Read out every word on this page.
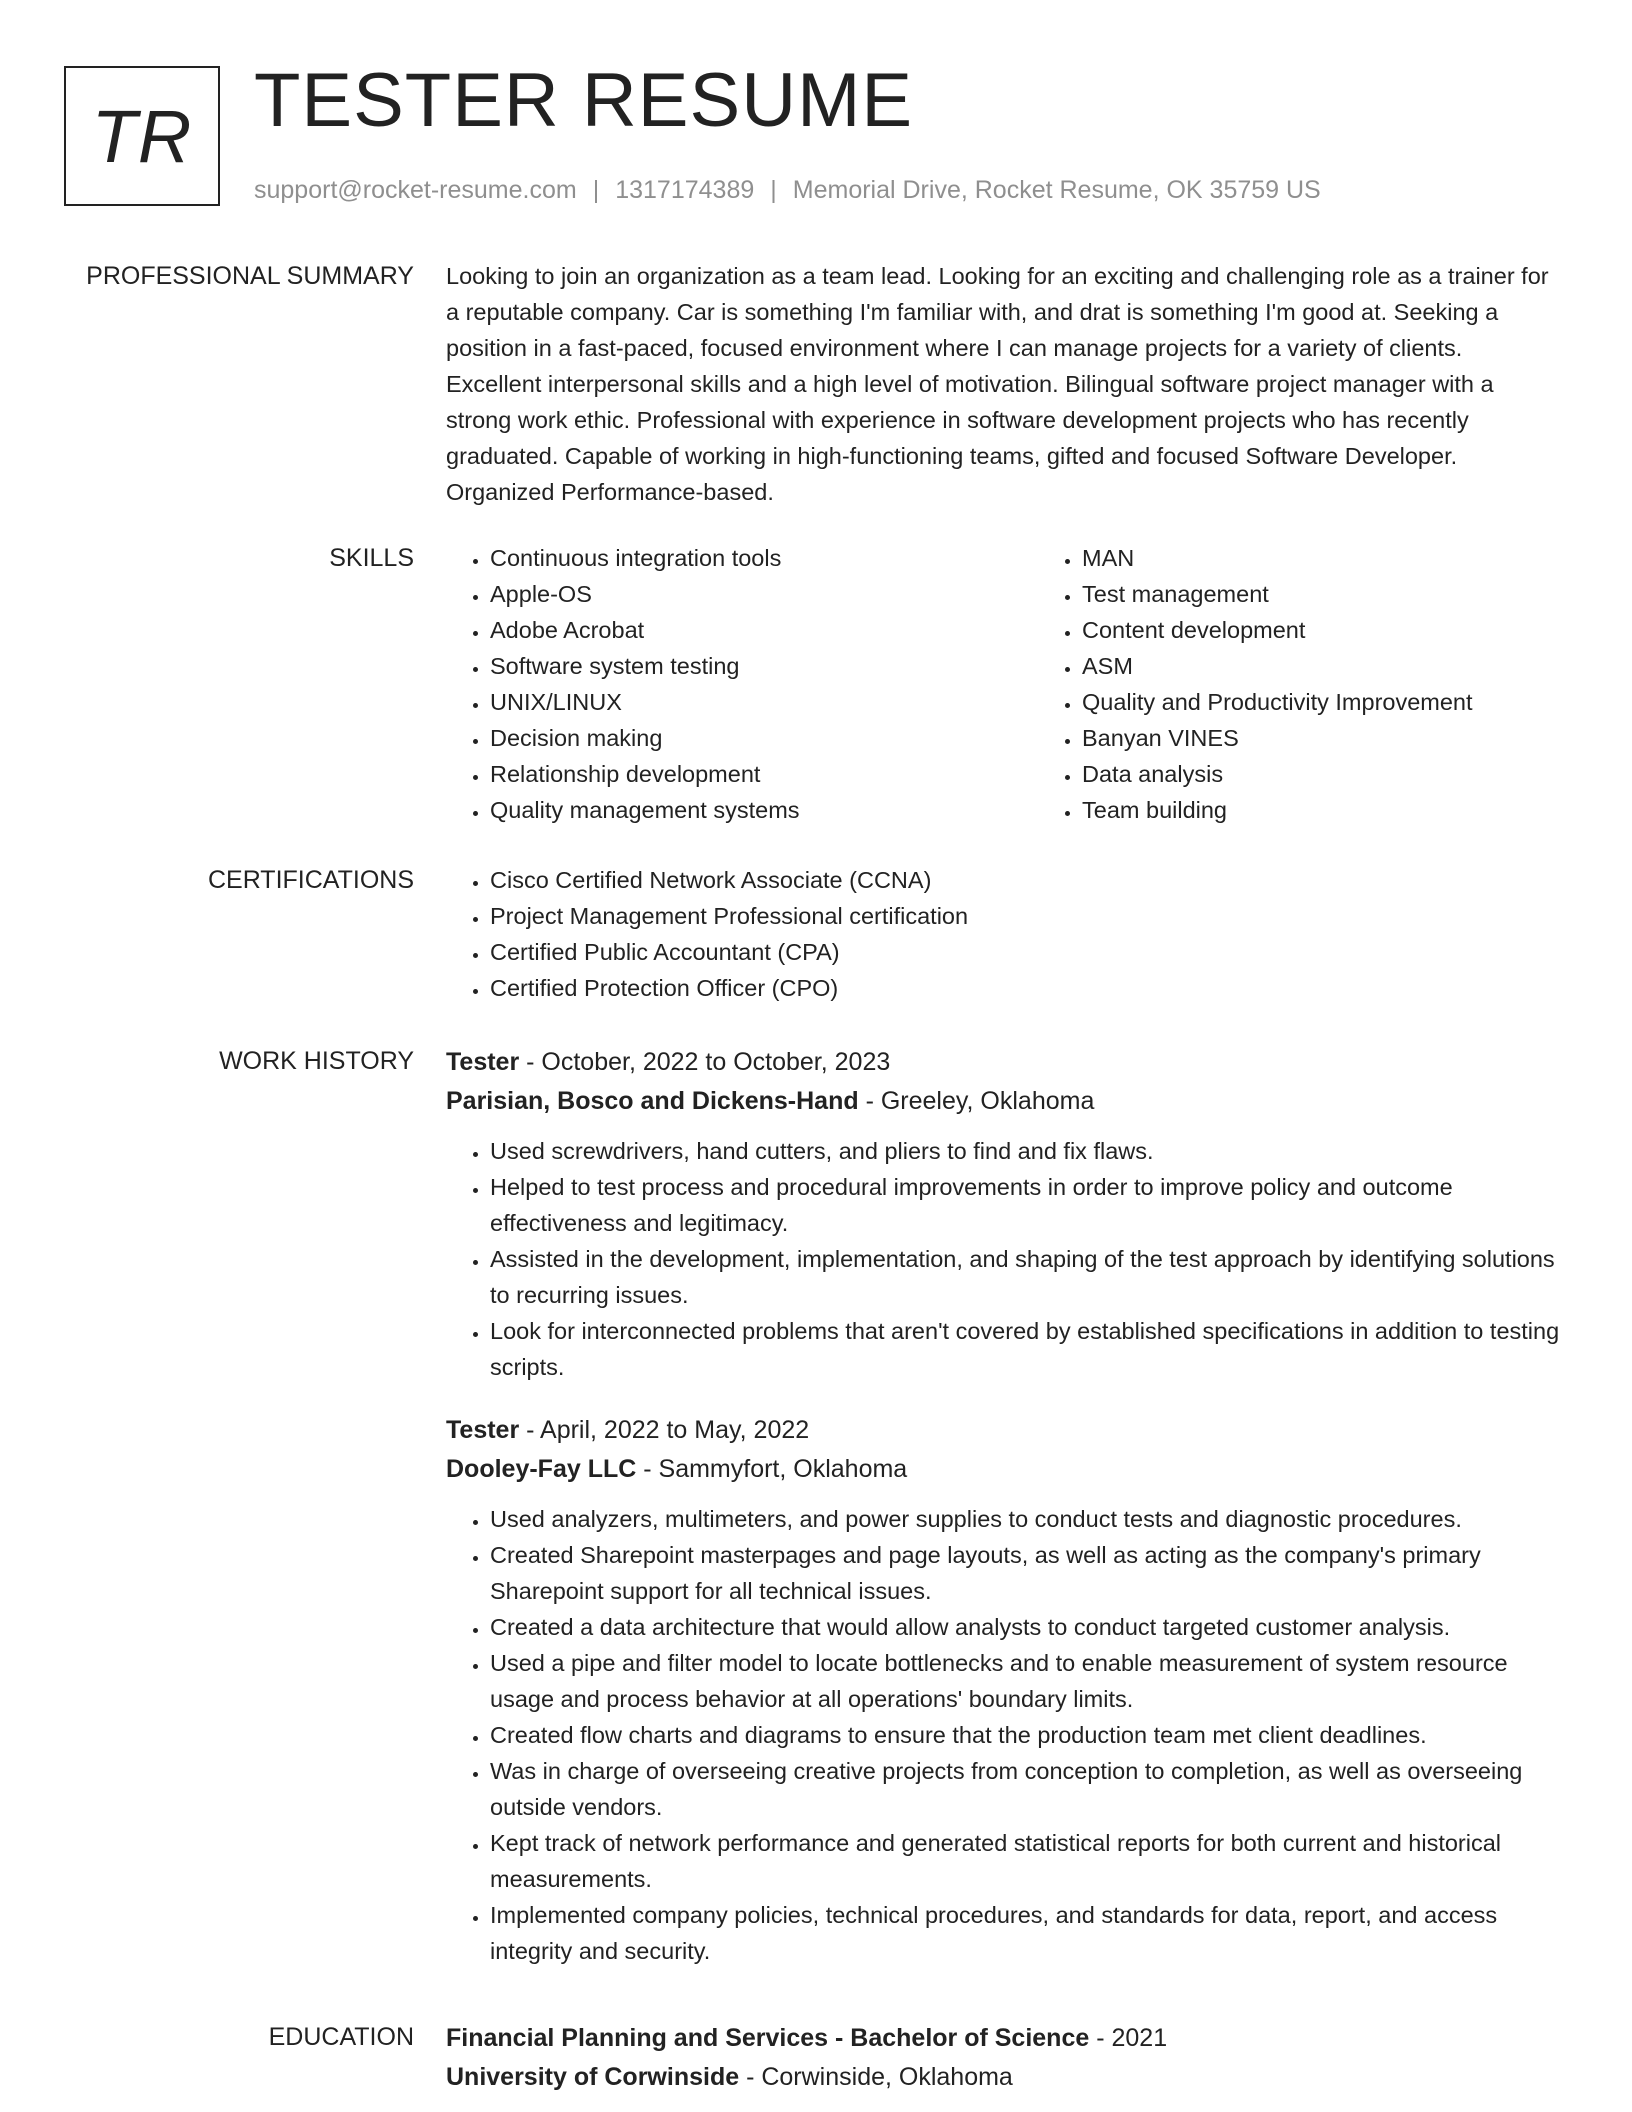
TR TESTER RESUME
support@rocket-resume.com | 1317174389 | Memorial Drive, Rocket Resume, OK 35759 US
PROFESSIONAL SUMMARY Looking to join an organization as a team lead. Looking for an exciting and challenging role as a trainer for a reputable company. Car is something I'm familiar with, and drat is something I'm good at. Seeking a position in a fast-paced, focused environment where I can manage projects for a variety of clients. Excellent interpersonal skills and a high level of motivation. Bilingual software project manager with a strong work ethic. Professional with experience in software development projects who has recently graduated. Capable of working in high-functioning teams, gifted and focused Software Developer. Organized Performance-based.
SKILLS	• Continuous integration tools
• Apple-OS
• Adobe Acrobat
• Software system testing
• UNIX/LINUX
• Decision making
• Relationship development
• Quality management systems
• MAN
• Test management
• Content development
• ASM
• Quality and Productivity Improvement
• Banyan VINES
• Data analysis
• Team building
CERTIFICATIONS	• Cisco Certified Network Associate (CCNA)
• Project Management Professional certification
• Certified Public Accountant (CPA)
• Certified Protection Officer (CPO)
WORK HISTORY Tester - October, 2022 to October, 2023
Parisian, Bosco and Dickens-Hand - Greeley, Oklahoma
• Used screwdrivers, hand cutters, and pliers to find and fix flaws.
• Helped to test process and procedural improvements in order to improve policy and outcome effectiveness and legitimacy.
• Assisted in the development, implementation, and shaping of the test approach by identifying solutions to recurring issues.
• Look for interconnected problems that aren't covered by established specifications in addition to testing scripts.
Tester - April, 2022 to May, 2022
Dooley-Fay LLC - Sammyfort, Oklahoma
• Used analyzers, multimeters, and power supplies to conduct tests and diagnostic procedures.
• Created Sharepoint masterpages and page layouts, as well as acting as the company's primary Sharepoint support for all technical issues.
• Created a data architecture that would allow analysts to conduct targeted customer analysis.
• Used a pipe and filter model to locate bottlenecks and to enable measurement of system resource usage and process behavior at all operations' boundary limits.
• Created flow charts and diagrams to ensure that the production team met client deadlines.
• Was in charge of overseeing creative projects from conception to completion, as well as overseeing outside vendors.
• Kept track of network performance and generated statistical reports for both current and historical measurements.
• Implemented company policies, technical procedures, and standards for data, report, and access integrity and security.
EDUCATION Financial Planning and Services - Bachelor of Science - 2021
University of Corwinside - Corwinside, Oklahoma
